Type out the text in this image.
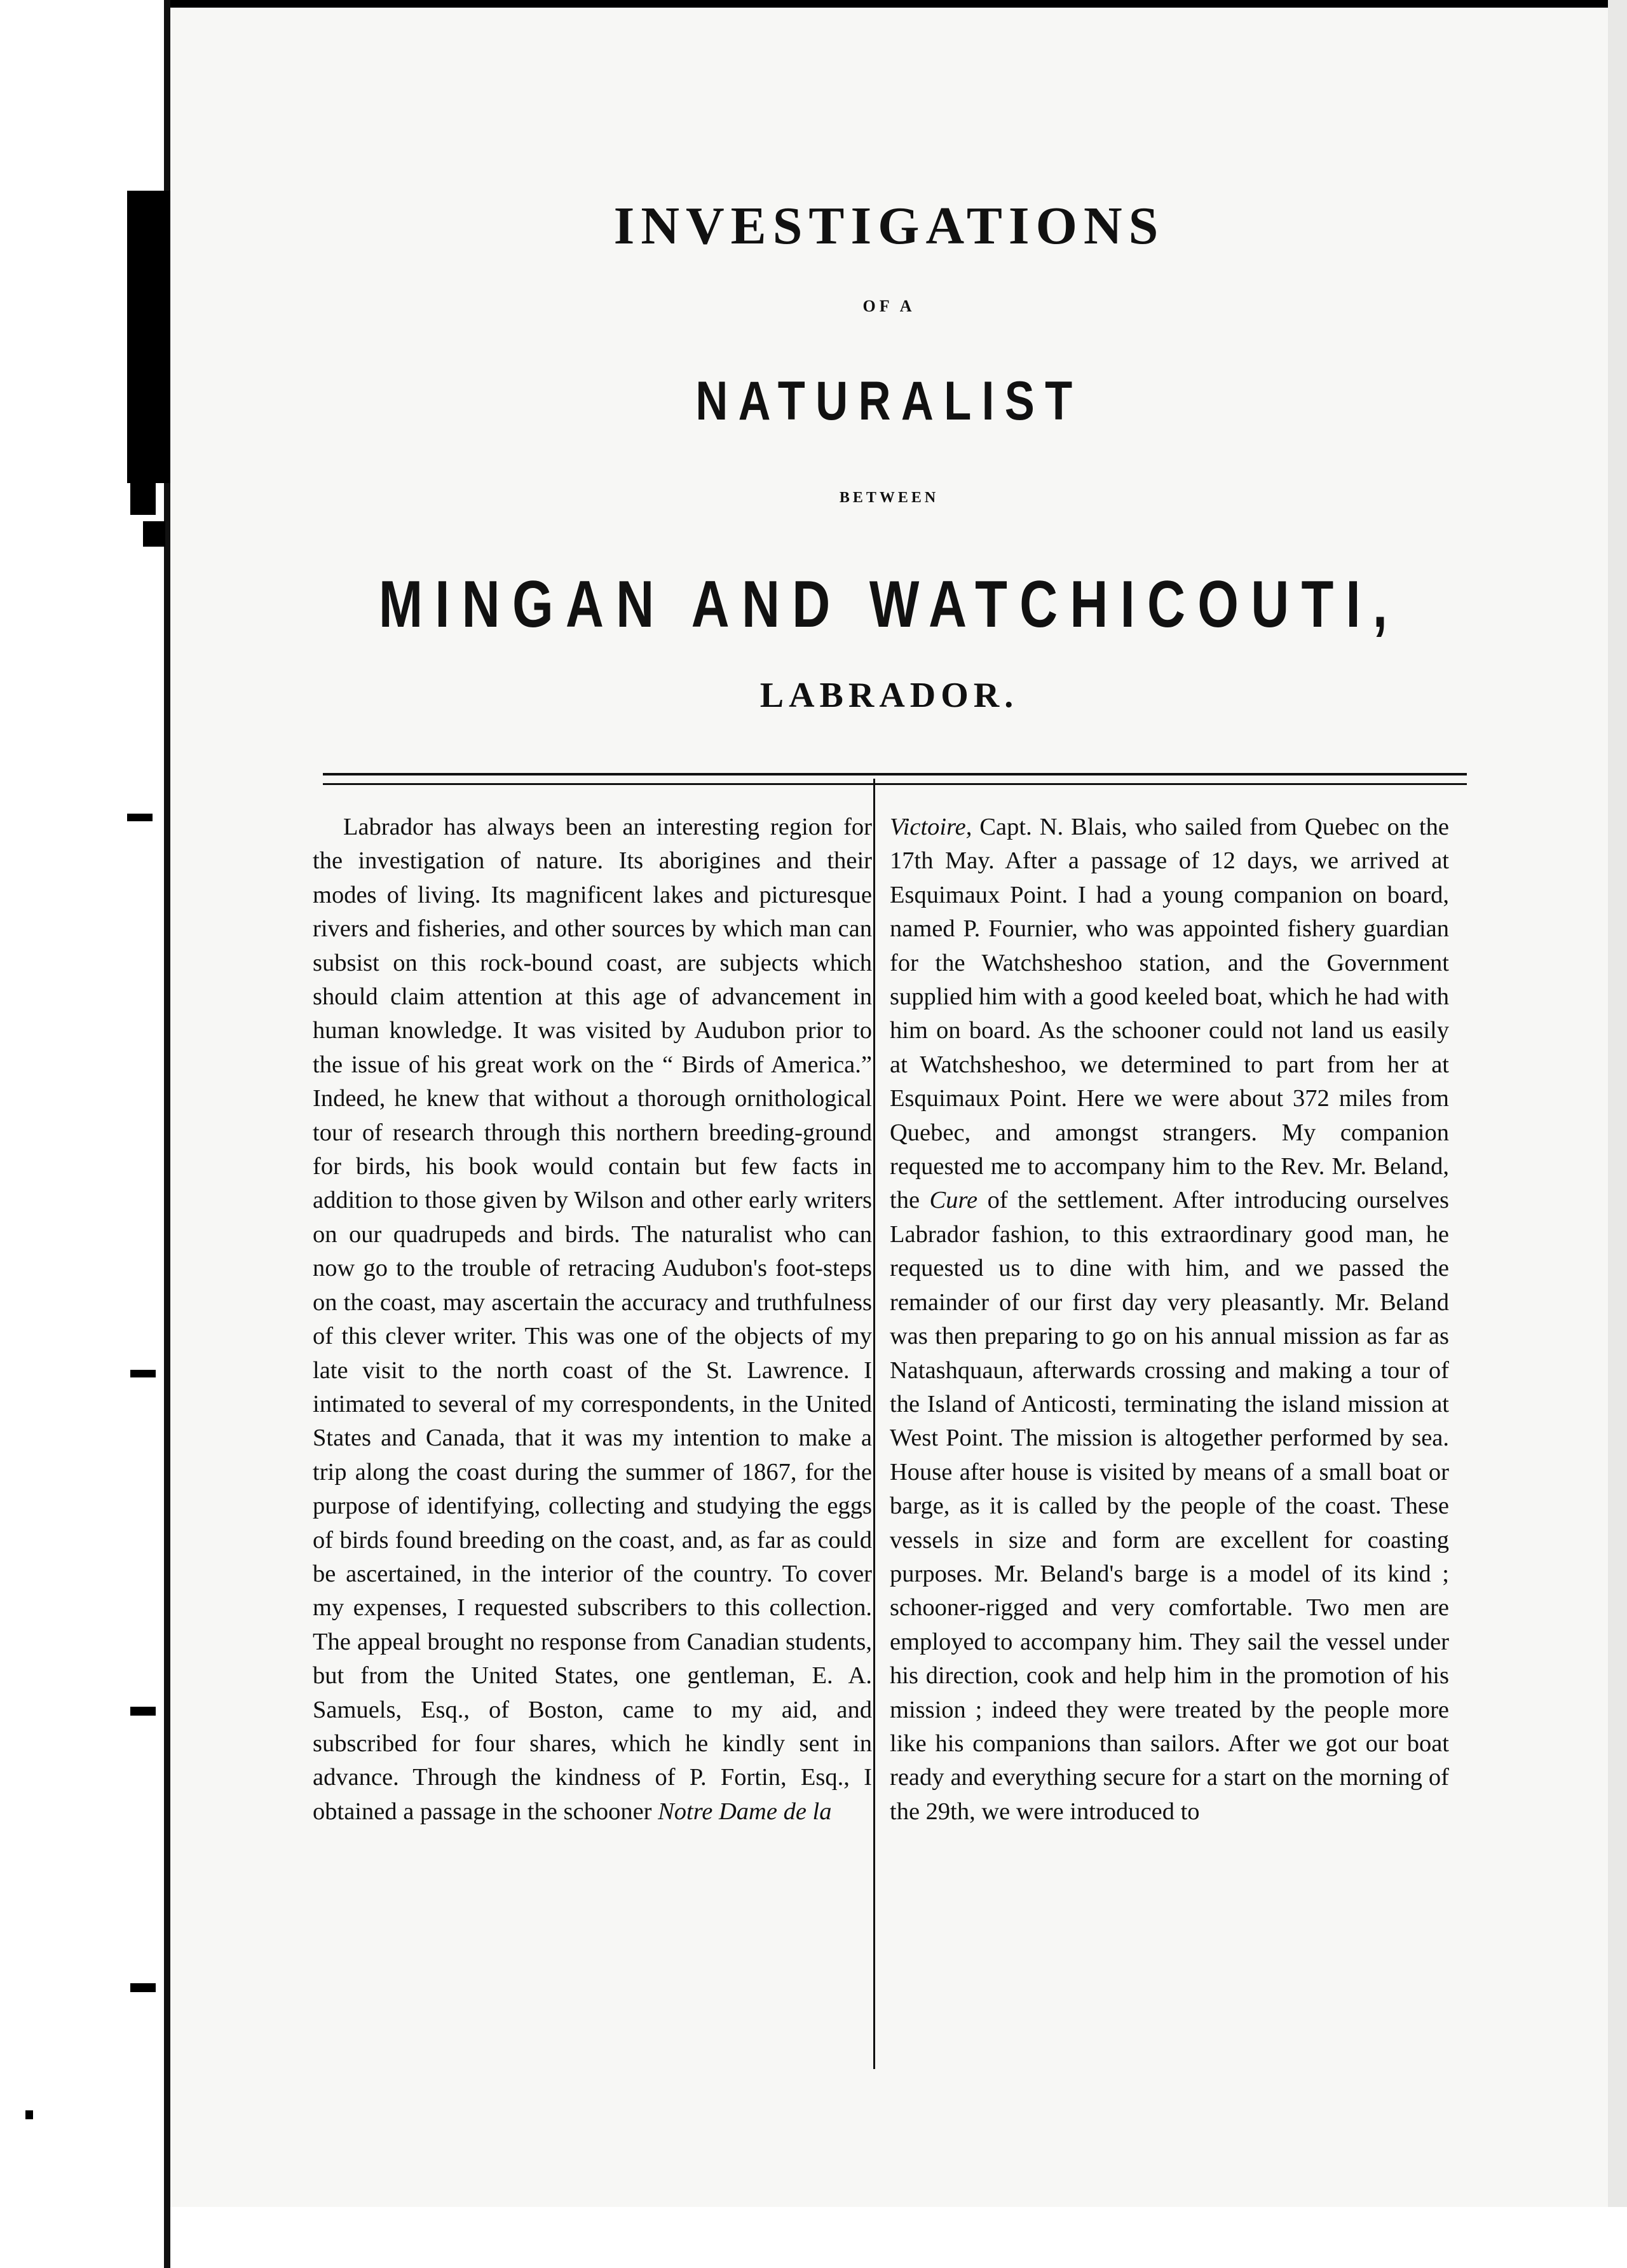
INVESTIGATIONS
OF A
NATURALIST
BETWEEN
MINGAN AND WATCHICOUTI,
LABRADOR.
Labrador has always been an interesting region for the investigation of nature. Its aborigines and their modes of living. Its magnificent lakes and picturesque rivers and fisheries, and other sources by which man can subsist on this rock-bound coast, are subjects which should claim attention at this age of advancement in human knowledge. It was visited by Audubon prior to the issue of his great work on the “ Birds of America.” Indeed, he knew that without a thorough ornithological tour of research through this northern breeding-ground for birds, his book would contain but few facts in addition to those given by Wilson and other early writers on our quadrupeds and birds. The naturalist who can now go to the trouble of retracing Audubon's foot-steps on the coast, may ascertain the accuracy and truthfulness of this clever writer. This was one of the objects of my late visit to the north coast of the St. Lawrence. I intimated to several of my correspondents, in the United States and Canada, that it was my intention to make a trip along the coast during the summer of 1867, for the purpose of identifying, collecting and studying the eggs of birds found breeding on the coast, and, as far as could be ascertained, in the interior of the country. To cover my expenses, I requested subscribers to this collection. The appeal brought no response from Canadian students, but from the United States, one gentleman, E. A. Samuels, Esq., of Boston, came to my aid, and subscribed for four shares, which he kindly sent in advance. Through the kindness of P. Fortin, Esq., I obtained a passage in the schooner Notre Dame de la
Victoire, Capt. N. Blais, who sailed from Quebec on the 17th May. After a passage of 12 days, we arrived at Esquimaux Point. I had a young companion on board, named P. Fournier, who was appointed fishery guardian for the Watchsheshoo station, and the Government supplied him with a good keeled boat, which he had with him on board. As the schooner could not land us easily at Watchsheshoo, we determined to part from her at Esquimaux Point. Here we were about 372 miles from Quebec, and amongst strangers. My companion requested me to accompany him to the Rev. Mr. Beland, the Cure of the settlement. After introducing ourselves Labrador fashion, to this extraordinary good man, he requested us to dine with him, and we passed the remainder of our first day very pleasantly. Mr. Beland was then preparing to go on his annual mission as far as Natashquaun, afterwards crossing and making a tour of the Island of Anticosti, terminating the island mission at West Point. The mission is altogether performed by sea. House after house is visited by means of a small boat or barge, as it is called by the people of the coast. These vessels in size and form are excellent for coasting purposes. Mr. Beland's barge is a model of its kind ; schooner-rigged and very comfortable. Two men are employed to accompany him. They sail the vessel under his direction, cook and help him in the promotion of his mission ; indeed they were treated by the people more like his companions than sailors. After we got our boat ready and everything secure for a start on the morning of the 29th, we were introduced to
